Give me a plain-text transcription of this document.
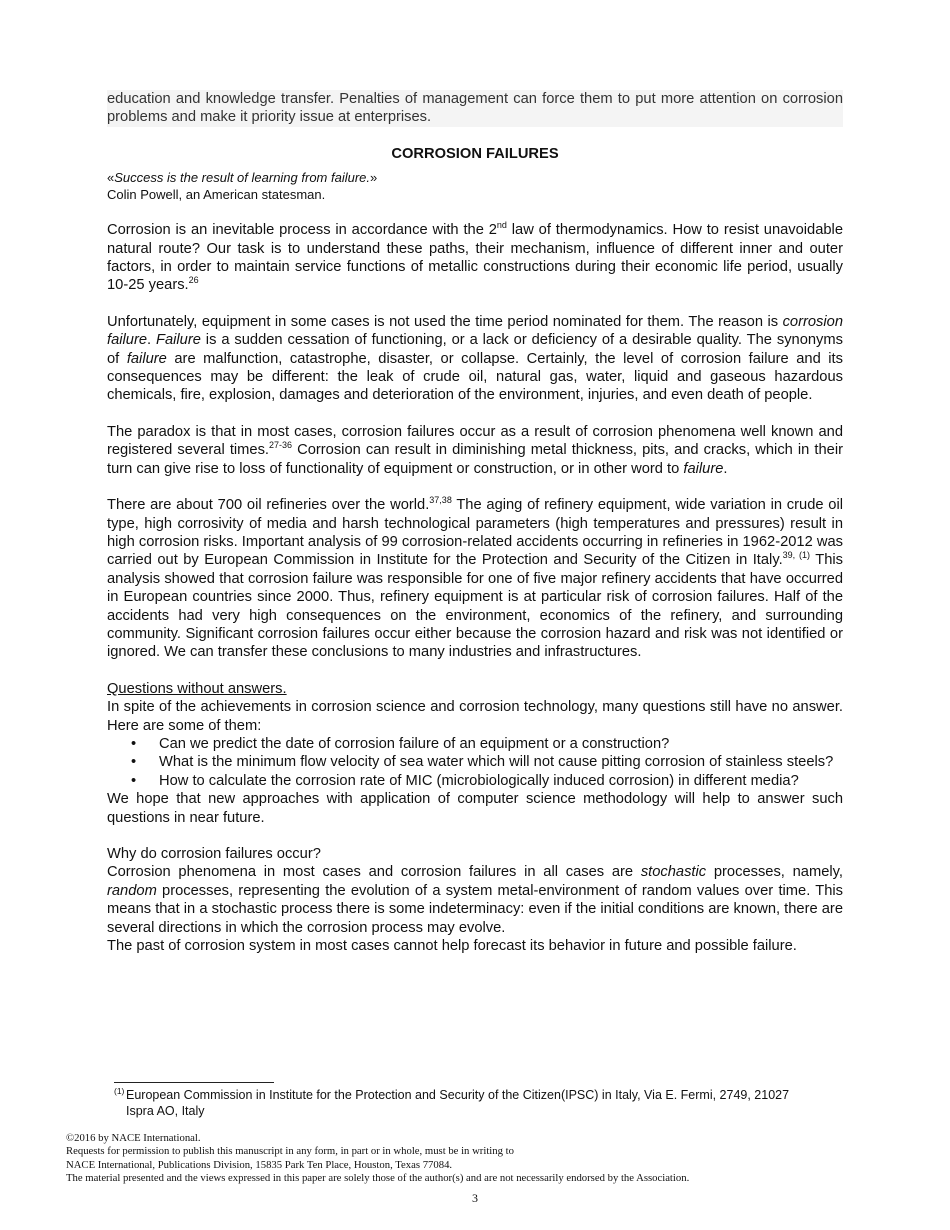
education and knowledge transfer. Penalties of management can force them to put more attention on corrosion problems and make it priority issue at enterprises.

CORROSION FAILURES

«Success is the result of learning from failure.»

Colin Powell, an American statesman.

Corrosion is an inevitable process in accordance with the 2nd law of thermodynamics. How to resist unavoidable natural route? Our task is to understand these paths, their mechanism, influence of different inner and outer factors, in order to maintain service functions of metallic constructions during their economic life period, usually 10-25 years.$^{26}$

Unfortunately, equipment in some cases is not used the time period nominated for them. The reason is corrosion failure. Failure is a sudden cessation of functioning, or a lack or deficiency of a desirable quality. The synonyms of failure are malfunction, catastrophe, disaster, or collapse. Certainly, the level of corrosion failure and its consequences may be different: the leak of crude oil, natural gas, water, liquid and gaseous hazardous chemicals, fire, explosion, damages and deterioration of the environment, injuries, and even death of people.

The paradox is that in most cases, corrosion failures occur as a result of corrosion phenomena well known and registered several times.$^{27-36}$ Corrosion can result in diminishing metal thickness, pits, and cracks, which in their turn can give rise to loss of functionality of equipment or construction, or in other word to failure.

There are about 700 oil refineries over the world.$^{37,38}$ The aging of refinery equipment, wide variation in crude oil type, high corrosivity of media and harsh technological parameters (high temperatures and pressures) result in high corrosion risks. Important analysis of 99 corrosion-related accidents occurring in refineries in 1962-2012 was carried out by European Commission in Institute for the Protection and Security of the Citizen in Italy.$^{39, (1)}$ This analysis showed that corrosion failure was responsible for one of five major refinery accidents that have occurred in European countries since 2000. Thus, refinery equipment is at particular risk of corrosion failures. Half of the accidents had very high consequences on the environment, economics of the refinery, and surrounding community. Significant corrosion failures occur either because the corrosion hazard and risk was not identified or ignored. We can transfer these conclusions to many industries and infrastructures.

Questions without answers.

In spite of the achievements in corrosion science and corrosion technology, many questions still have no answer. Here are some of them:

• Can we predict the date of corrosion failure of an equipment or a construction?
• What is the minimum flow velocity of sea water which will not cause pitting corrosion of stainless steels?
• How to calculate the corrosion rate of MIC (microbiologically induced corrosion) in different media?

We hope that new approaches with application of computer science methodology will help to answer such questions in near future.

Why do corrosion failures occur?

Corrosion phenomena in most cases and corrosion failures in all cases are stochastic processes, namely, random processes, representing the evolution of a system metal-environment of random values over time. This means that in a stochastic process there is some indeterminacy: even if the initial conditions are known, there are several directions in which the corrosion process may evolve.

The past of corrosion system in most cases cannot help forecast its behavior in future and possible failure.

(1) European Commission in Institute for the Protection and Security of the Citizen(IPSC) in Italy, Via E. Fermi, 2749, 21027 Ispra AO, Italy

©2016 by NACE International.

Requests for permission to publish this manuscript in any form, in part or in whole, must be in writing to

NACE International, Publications Division, 15835 Park Ten Place, Houston, Texas 77084.

The material presented and the views expressed in this paper are solely those of the author(s) and are not necessarily endorsed by the Association.

3
